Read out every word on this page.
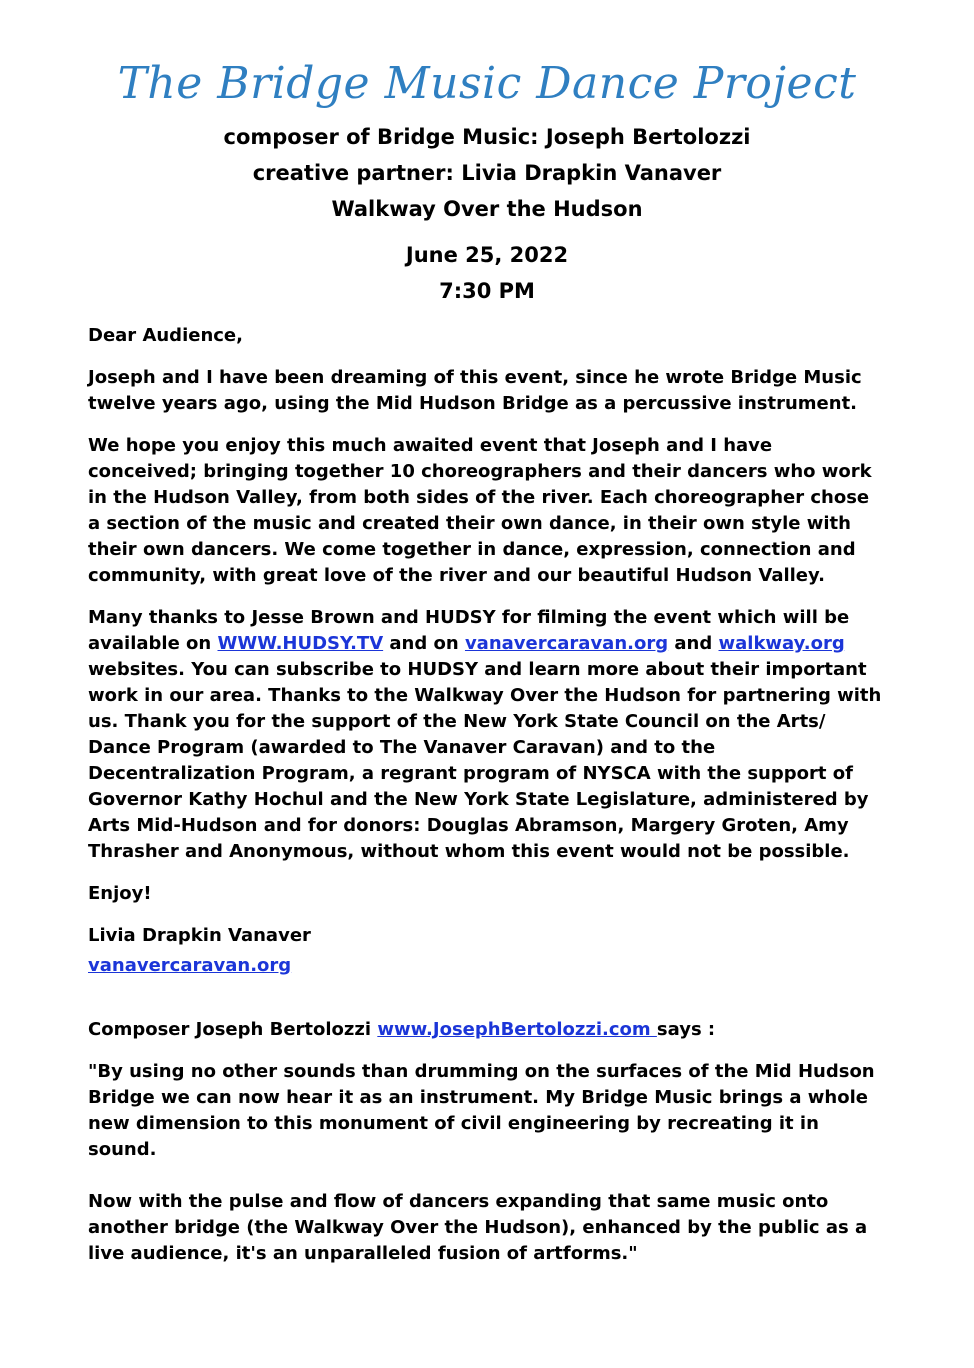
The Bridge Music Dance Project
composer of Bridge Music: Joseph Bertolozzi
creative partner: Livia Drapkin Vanaver
Walkway Over the Hudson
June 25, 2022
7:30 PM

Dear Audience,

Joseph and I have been dreaming of this event, since he wrote Bridge Music twelve years ago, using the Mid Hudson Bridge as a percussive instrument.

We hope you enjoy this much awaited event that Joseph and I have conceived; bringing together 10 choreographers and their dancers who work in the Hudson Valley, from both sides of the river. Each choreographer chose a section of the music and created their own dance, in their own style with their own dancers. We come together in dance, expression, connection and community, with great love of the river and our beautiful Hudson Valley.

Many thanks to Jesse Brown and HUDSY for filming the event which will be available on WWW.HUDSY.TV and on vanavercaravan.org and walkway.org websites. You can subscribe to HUDSY and learn more about their important work in our area. Thanks to the Walkway Over the Hudson for partnering with us. Thank you for the support of the New York State Council on the Arts/ Dance Program (awarded to The Vanaver Caravan) and to the Decentralization Program, a regrant program of NYSCA with the support of Governor Kathy Hochul and the New York State Legislature, administered by Arts Mid-Hudson and for donors: Douglas Abramson, Margery Groten, Amy Thrasher and Anonymous, without whom this event would not be possible.

Enjoy!

Livia Drapkin Vanaver

vanavercaravan.org

Composer Joseph Bertolozzi www.JosephBertolozzi.com says :

"By using no other sounds than drumming on the surfaces of the Mid Hudson Bridge we can now hear it as an instrument. My Bridge Music brings a whole new dimension to this monument of civil engineering by recreating it in sound.

Now with the pulse and flow of dancers expanding that same music onto another bridge (the Walkway Over the Hudson), enhanced by the public as a live audience, it's an unparalleled fusion of artforms."
